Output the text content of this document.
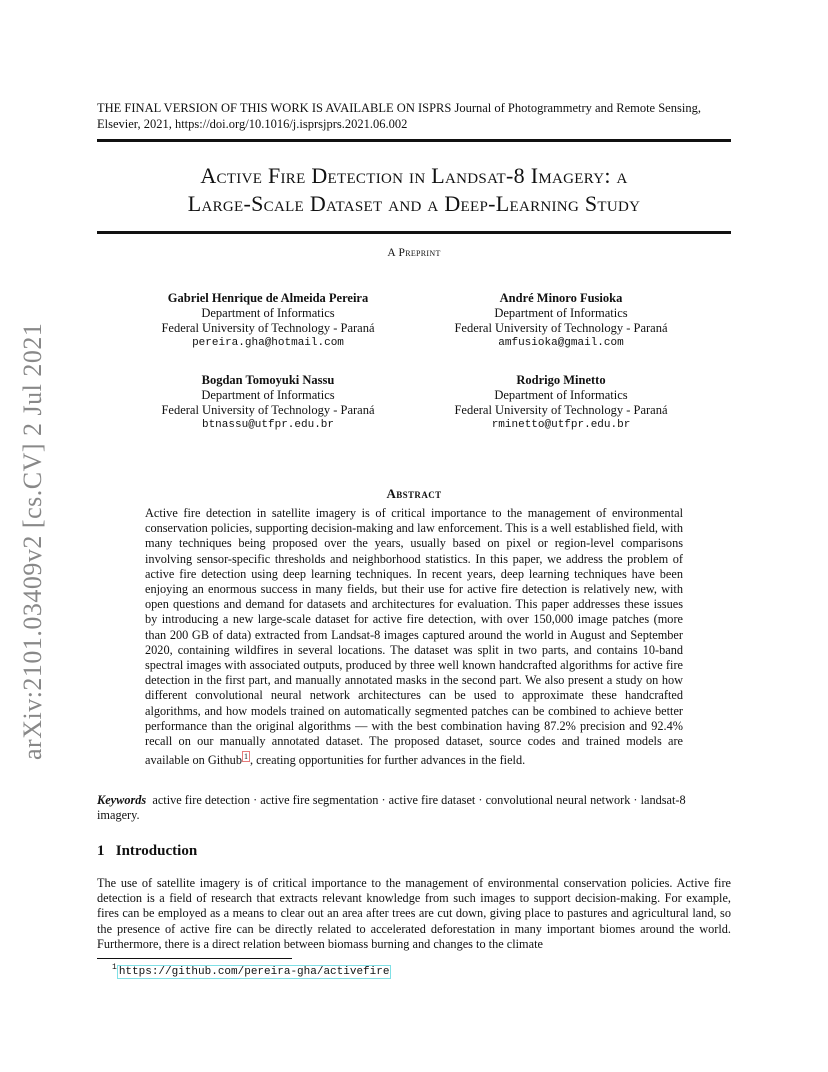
arXiv:2101.03409v2 [cs.CV] 2 Jul 2021
THE FINAL VERSION OF THIS WORK IS AVAILABLE ON ISPRS Journal of Photogrammetry and Remote Sensing, Elsevier, 2021, https://doi.org/10.1016/j.isprsjprs.2021.06.002
Active Fire Detection in Landsat-8 Imagery: a
Large-Scale Dataset and a Deep-Learning Study
A Preprint
Gabriel Henrique de Almeida Pereira
Department of Informatics
Federal University of Technology - Paraná
pereira.gha@hotmail.com
André Minoro Fusioka
Department of Informatics
Federal University of Technology - Paraná
amfusioka@gmail.com
Bogdan Tomoyuki Nassu
Department of Informatics
Federal University of Technology - Paraná
btnassu@utfpr.edu.br
Rodrigo Minetto
Department of Informatics
Federal University of Technology - Paraná
rminetto@utfpr.edu.br
Abstract
Active fire detection in satellite imagery is of critical importance to the management of environmental conservation policies, supporting decision-making and law enforcement. This is a well established field, with many techniques being proposed over the years, usually based on pixel or region-level comparisons involving sensor-specific thresholds and neighborhood statistics. In this paper, we address the problem of active fire detection using deep learning techniques. In recent years, deep learning techniques have been enjoying an enormous success in many fields, but their use for active fire detection is relatively new, with open questions and demand for datasets and architectures for evaluation. This paper addresses these issues by introducing a new large-scale dataset for active fire detection, with over 150,000 image patches (more than 200 GB of data) extracted from Landsat-8 images captured around the world in August and September 2020, containing wildfires in several locations. The dataset was split in two parts, and contains 10-band spectral images with associated outputs, produced by three well known handcrafted algorithms for active fire detection in the first part, and manually annotated masks in the second part. We also present a study on how different convolutional neural network architectures can be used to approximate these handcrafted algorithms, and how models trained on automatically segmented patches can be combined to achieve better performance than the original algorithms — with the best combination having 87.2% precision and 92.4% recall on our manually annotated dataset. The proposed dataset, source codes and trained models are available on Github $^1$ , creating opportunities for further advances in the field.
Keywords active fire detection · active fire segmentation · active fire dataset · convolutional neural network · landsat-8 imagery.
1 Introduction
The use of satellite imagery is of critical importance to the management of environmental conservation policies. Active fire detection is a field of research that extracts relevant knowledge from such images to support decision-making. For example, fires can be employed as a means to clear out an area after trees are cut down, giving place to pastures and agricultural land, so the presence of active fire can be directly related to accelerated deforestation in many important biomes around the world. Furthermore, there is a direct relation between biomass burning and changes to the climate
$^1$ https://github.com/pereira-gha/activefire
